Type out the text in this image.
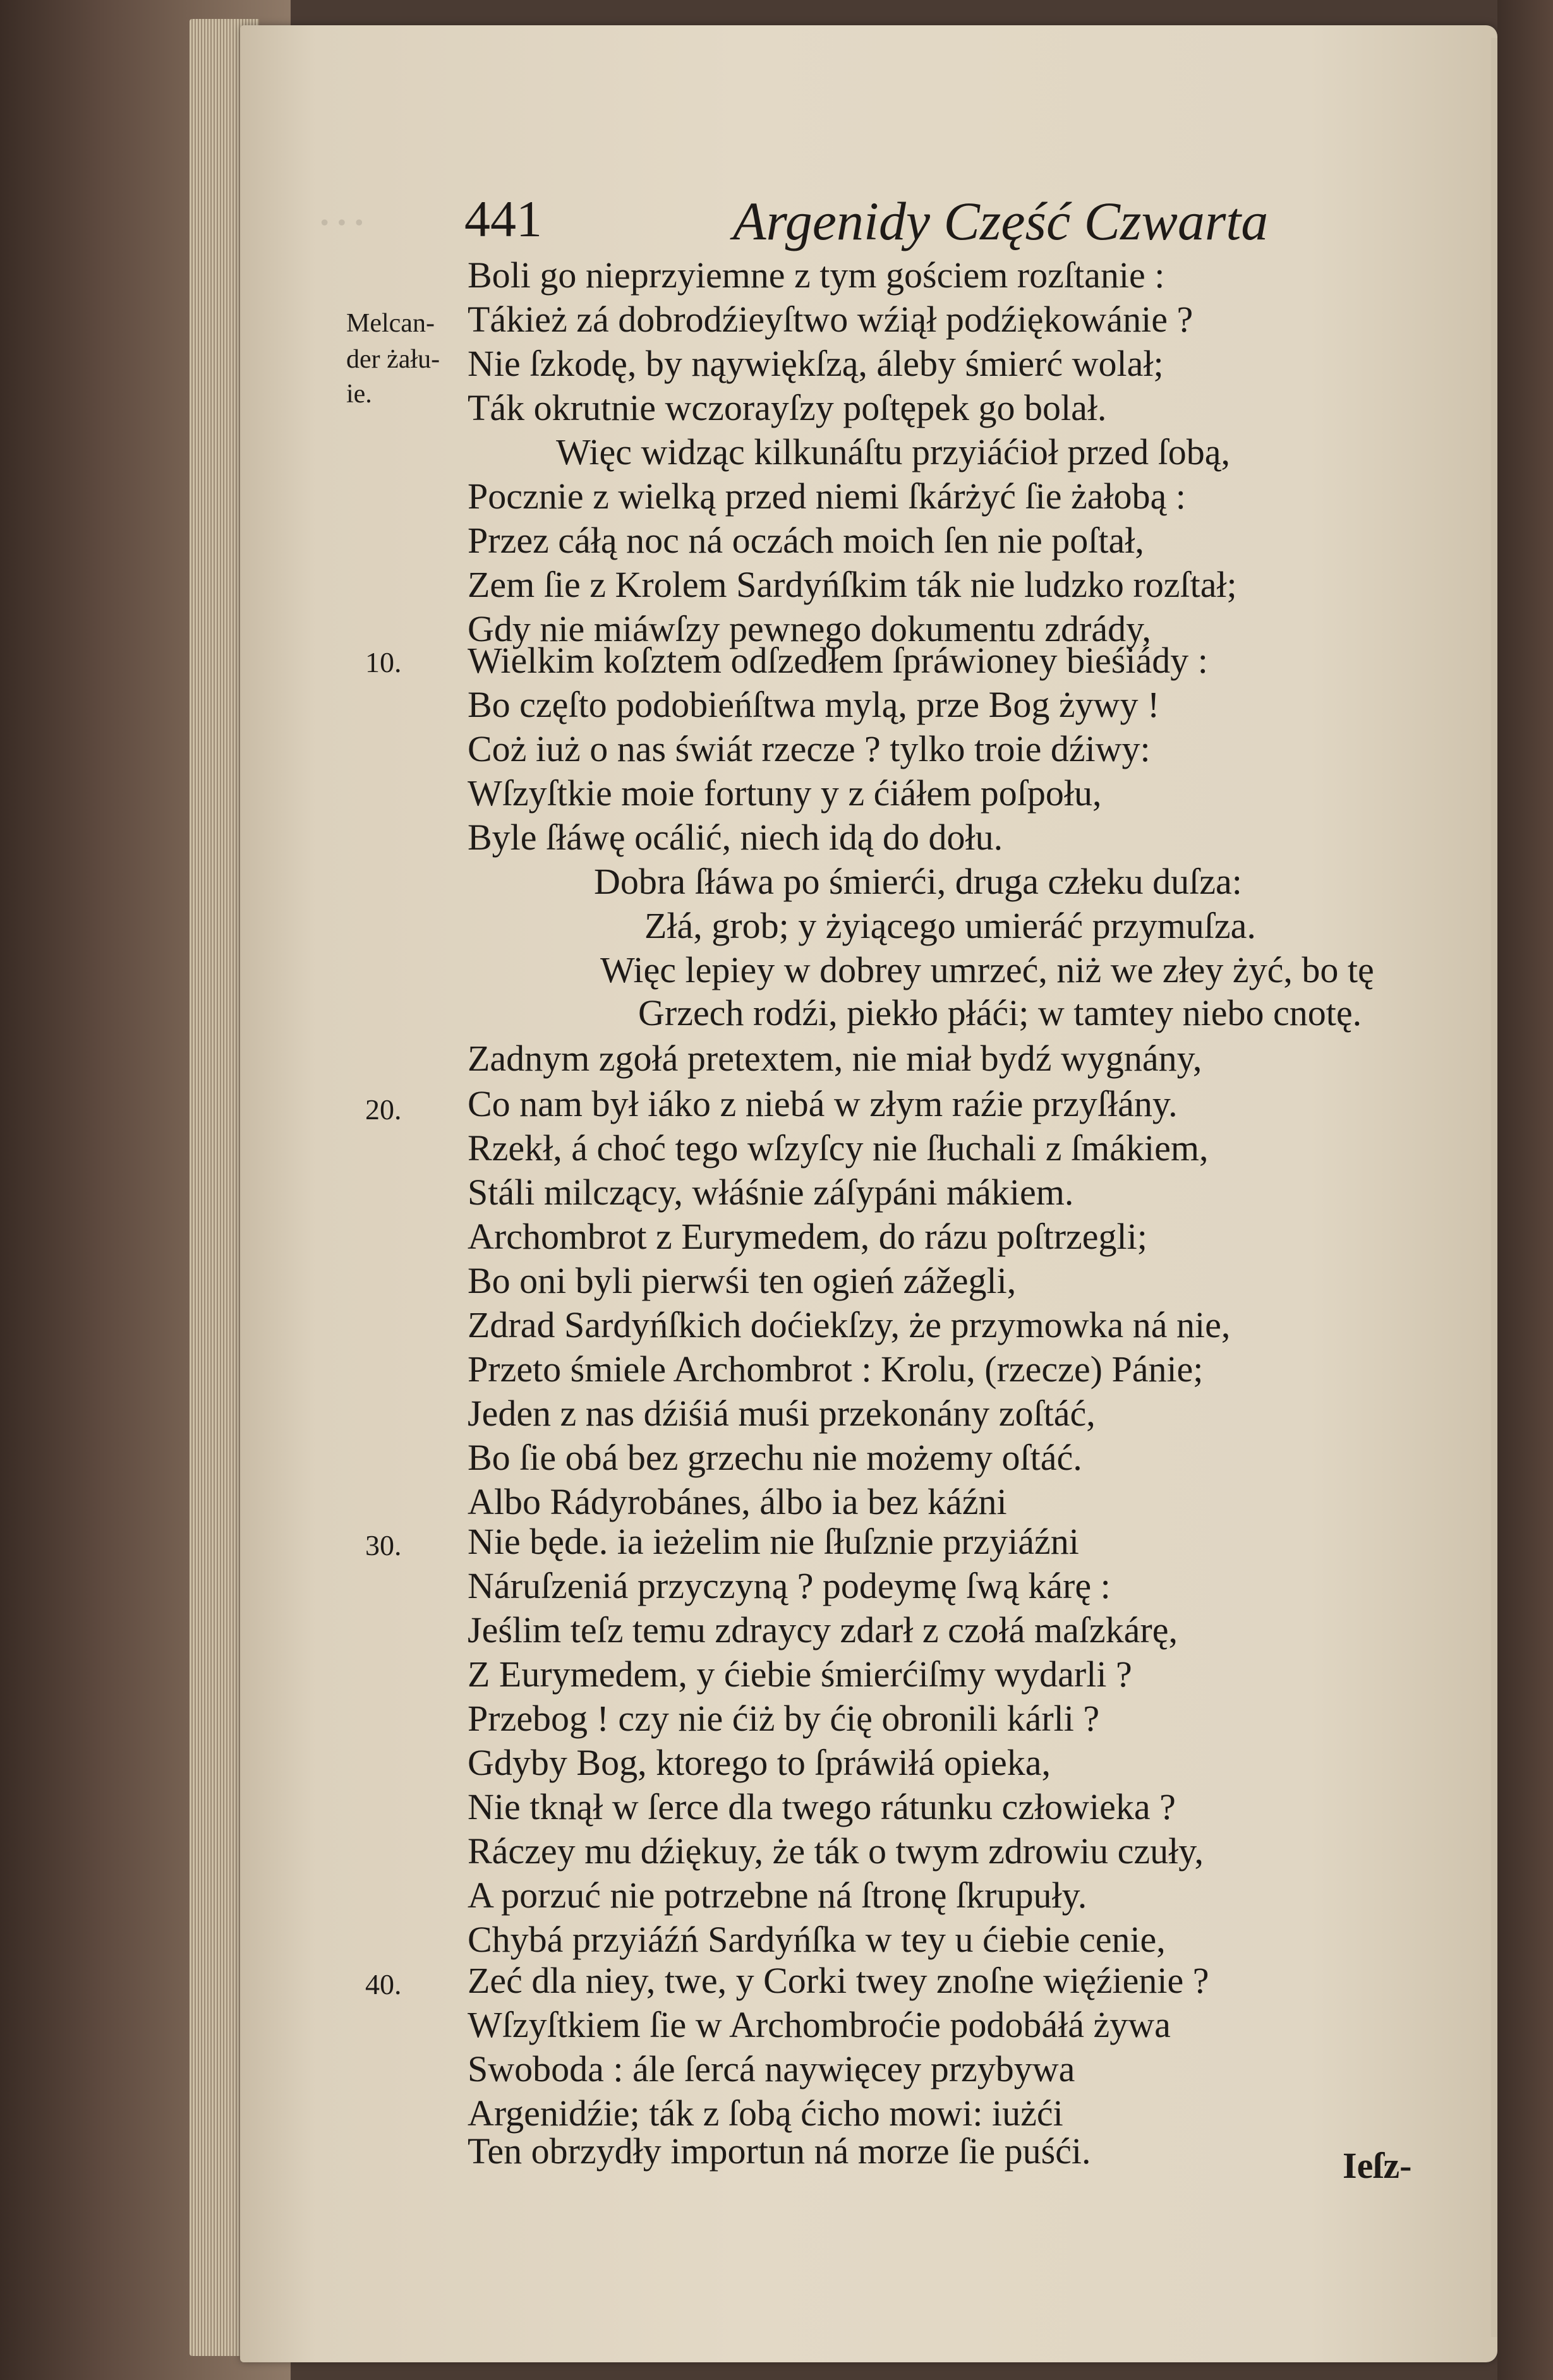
··· 441	Argenidy Część Czwarta
Melcan-
der żału-
ie.
10.
20.
30.
40.
Boli go nieprzyiemne z tym gościem rozſtanie :
Tákież zá dobrodźieyſtwo wźiął podźiękowánie ?
Nie ſzkodę, by nąywiękſzą, áleby śmierć wolał;
Ták okrutnie wczorayſzy poſtępek go bolał.
Więc widząc kilkunáſtu przyiáćioł przed ſobą,
Pocznie z wielką przed niemi ſkárżyć ſie żałobą :
Przez cáłą noc ná oczách moich ſen nie poſtał,
Zem ſie z Krolem Sardyńſkim ták nie ludzko rozſtał;
Gdy nie miáwſzy pewnego dokumentu zdrády,
Wielkim koſztem odſzedłem ſpráwioney bieśiády :
Bo częſto podobieńſtwa mylą, prze Bog żywy !
Coż iuż o nas świát rzecze ? tylko troie dźiwy:
Wſzyſtkie moie fortuny y z ćiáłem poſpołu,
Byle ſłáwę ocálić, niech idą do dołu.
Dobra ſłáwa po śmierći, druga człeku duſza:
Złá, grob; y żyiącego umieráć przymuſza.
Więc lepiey w dobrey umrzeć, niż we złey żyć, bo tę
Grzech rodźi, piekło płáći; w tamtey niebo cnotę.
Zadnym zgołá pretextem, nie miał bydź wygnány,
Co nam był iáko z niebá w złym raźie przyſłány.
Rzekł, á choć tego wſzyſcy nie ſłuchali z ſmákiem,
Stáli milczący, włáśnie záſypáni mákiem.
Archombrot z Eurymedem, do rázu poſtrzegli;
Bo oni byli pierwśi ten ogień zážegli,
Zdrad Sardyńſkich doćiekſzy, że przymowka ná nie,
Przeto śmiele Archombrot : Krolu, (rzecze) Pánie;
Jeden z nas dźiśiá muśi przekonány zoſtáć,
Bo ſie obá bez grzechu nie możemy oſtáć.
Albo Rádyrobánes, álbo ia bez káźni
Nie będe. ia ieżelim nie ſłuſznie przyiáźni
Náruſzeniá przyczyną ? podeymę ſwą kárę :
Jeślim teſz temu zdraycy zdarł z czołá maſzkárę,
Z Eurymedem, y ćiebie śmierćiſmy wydarli ?
Przebog ! czy nie ćiż by ćię obronili kárli ?
Gdyby Bog, ktorego to ſpráwiłá opieka,
Nie tknął w ſerce dla twego rátunku człowieka ?
Ráczey mu dźiękuy, że ták o twym zdrowiu czuły,
A porzuć nie potrzebne ná ſtronę ſkrupuły.
Chybá przyiáźń Sardyńſka w tey u ćiebie cenie,
Zeć dla niey, twe, y Corki twey znoſne więźienie ?
Wſzyſtkiem ſie w Archombroćie podobáłá żywa
Swoboda : ále ſercá naywięcey przybywa
Argenidźie; ták z ſobą ćicho mowi: iużći
Ten obrzydły importun ná morze ſie puśći.	Ieſz-
